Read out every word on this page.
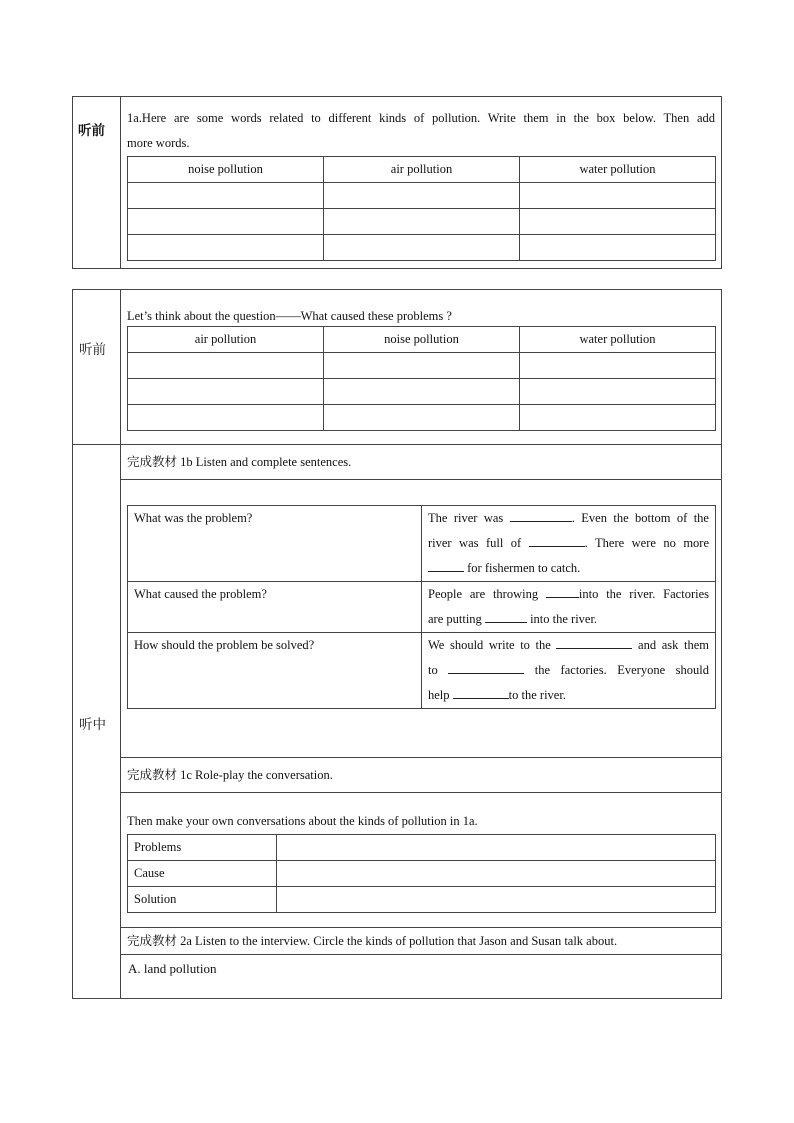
听前
1a.Here are some words related to different kinds of pollution. Write them in the box below. Then add
more words.
noise pollution	air pollution	water pollution

听前
Let’s think about the question——What caused these problems ?
air pollution	noise pollution	water pollution

听中
完成教材 1b Listen and complete sentences.
What was the problem?	The river was . Even the bottom of the
river was full of . There were no more
for fishermen to catch.

What caused the problem?	People are throwing into the river. Factories
are putting into the river.

How should the problem be solved?	We should write to the and ask them
to the factories. Everyone should
help to the river.
完成教材 1c Role-play the conversation.
Then make your own conversations about the kinds of pollution in 1a.
Problems	
Cause	
Solution	
完成教材 2a Listen to the interview. Circle the kinds of pollution that Jason and Susan talk about.
A. land pollution
